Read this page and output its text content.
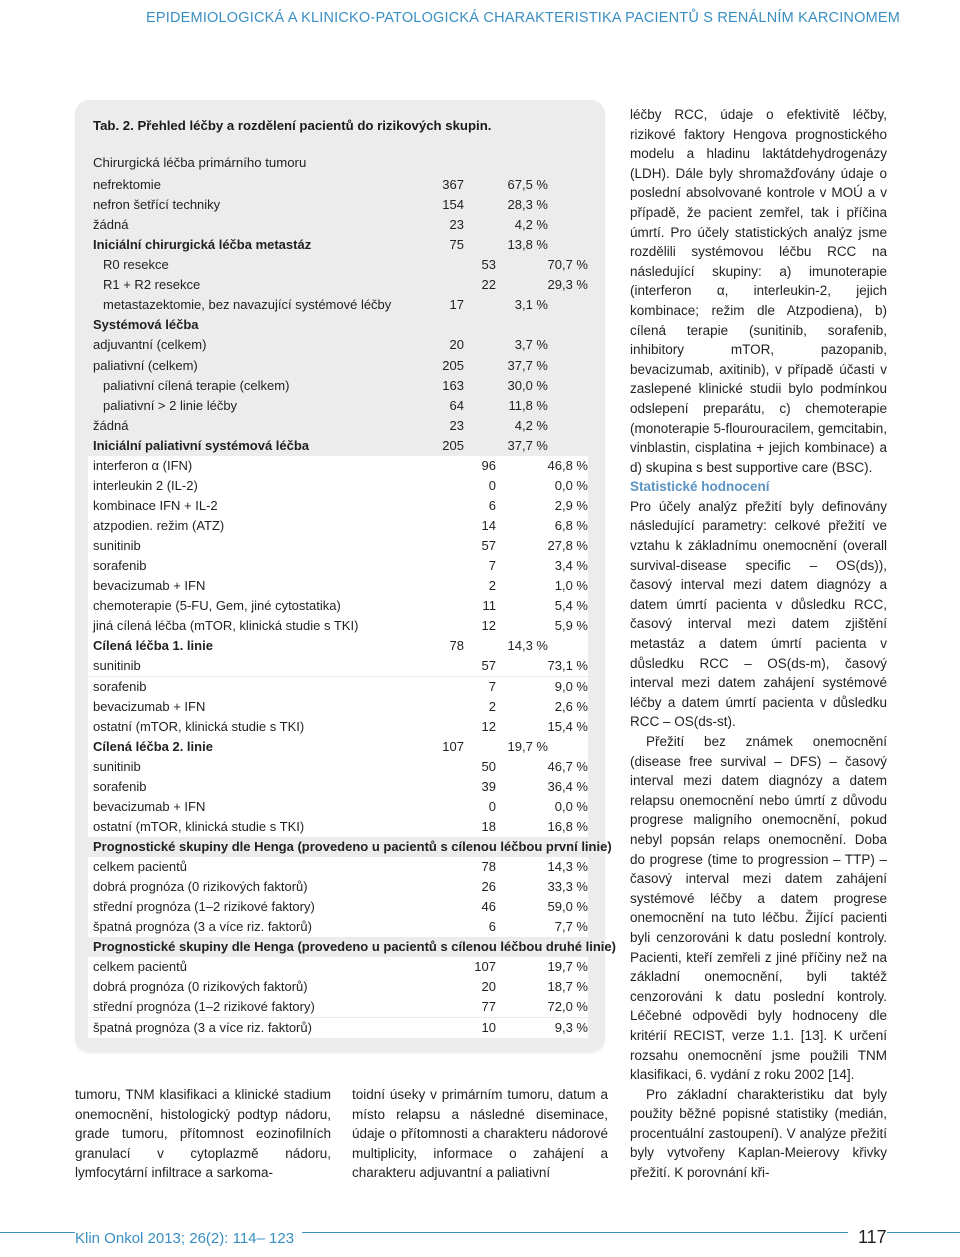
EPIDEMIOLOGICKÁ A KLINICKO-PATOLOGICKÁ CHARAKTERISTIKA PACIENTŮ S RENÁLNÍM KARCINOMEM
Tab. 2. Přehled léčby a rozdělení pacientů do rizikových skupin.
Chirurgická léčba primárního tumoru
nefrektomie	367	67,5 %
nefron šetřící techniky	154	28,3 %
žádná	23	4,2 %
Iniciální chirurgická léčba metastáz	75	13,8 %
R0 resekce	53	70,7 %
R1 + R2 resekce	22	29,3 %
metastazektomie, bez navazující systémové léčby	17	3,1 %
Systémová léčba
adjuvantní (celkem)	20	3,7 %
paliativní (celkem)	205	37,7 %
paliativní cílená terapie (celkem)	163	30,0 %
paliativní > 2 linie léčby	64	11,8 %
žádná	23	4,2 %
Iniciální paliativní systémová léčba	205	37,7 %
interferon α (IFN)	96	46,8 %
interleukin 2 (IL-2)	0	0,0 %
kombinace IFN + IL-2	6	2,9 %
atzpodien. režim (ATZ)	14	6,8 %
sunitinib	57	27,8 %
sorafenib	7	3,4 %
bevacizumab + IFN	2	1,0 %
chemoterapie (5-FU, Gem, jiné cytostatika)	11	5,4 %
jiná cílená léčba (mTOR, klinická studie s TKI)	12	5,9 %
Cílená léčba 1. linie	78	14,3 %
sunitinib	57	73,1 %
sorafenib	7	9,0 %
bevacizumab + IFN	2	2,6 %
ostatní (mTOR, klinická studie s TKI)	12	15,4 %
Cílená léčba 2. linie	107	19,7 %
sunitinib	50	46,7 %
sorafenib	39	36,4 %
bevacizumab + IFN	0	0,0 %
ostatní (mTOR, klinická studie s TKI)	18	16,8 %
Prognostické skupiny dle Henga (provedeno u pacientů s cílenou léčbou první linie)
celkem pacientů	78	14,3 %
dobrá prognóza (0 rizikových faktorů)	26	33,3 %
střední prognóza (1–2 rizikové faktory)	46	59,0 %
špatná prognóza (3 a více riz. faktorů)	6	7,7 %
Prognostické skupiny dle Henga (provedeno u pacientů s cílenou léčbou druhé linie)
celkem pacientů	107	19,7 %
dobrá prognóza (0 rizikových faktorů)	20	18,7 %
střední prognóza (1–2 rizikové faktory)	77	72,0 %
špatná prognóza (3 a více riz. faktorů)	10	9,3 %

tumoru, TNM klasifikaci a klinické stadium onemocnění, histologický podtyp nádoru, grade tumoru, přítomnost eozinofilních granulací v cytoplazmě nádoru, lymfocytární infiltrace a sarkoma-

toidní úseky v primárním tumoru, datum a místo relapsu a následné diseminace, údaje o přítomnosti a charakteru nádorové multiplicity, informace o zahájení a charakteru adjuvantní a paliativní

léčby RCC, údaje o efektivitě léčby, rizikové faktory Hengova prognostického modelu a hladinu laktátdehydrogenázy (LDH). Dále byly shromažďovány údaje o poslední absolvované kontrole v MOÚ a v případě, že pacient zemřel, tak i příčina úmrtí. Pro účely statistických analýz jsme rozdělili systémovou léčbu RCC na následující skupiny: a) imunoterapie (interferon α, interleukin-2, jejich kombinace; režim dle Atzpodiena), b) cílená terapie (sunitinib, sorafenib, inhibitory mTOR, pazopanib, bevacizumab, axitinib), v případě účasti v zaslepené klinické studii bylo podmínkou odslepení preparátu, c) chemoterapie (monoterapie 5-flourouracilem, gemcitabin, vinblastin, cisplatina + jejich kombinace) a d) skupina s best supportive care (BSC).

Statistické hodnocení

Pro účely analýz přežití byly definovány následující parametry: celkové přežití ve vztahu k základnímu onemocnění (overall survival-disease specific – OS(ds)), časový interval mezi datem diagnózy a datem úmrtí pacienta v důsledku RCC, časový interval mezi datem zjištění metastáz a datem úmrtí pacienta v důsledku RCC – OS(ds-m), časový interval mezi datem zahájení systémové léčby a datem úmrtí pacienta v důsledku RCC – OS(ds-st).

Přežití bez známek onemocnění (disease free survival – DFS) – časový interval mezi datem diagnózy a datem relapsu onemocnění nebo úmrtí z důvodu progrese maligního onemocnění, pokud nebyl popsán relaps onemocnění. Doba do progrese (time to progression – TTP) – časový interval mezi datem zahájení systémové léčby a datem progrese onemocnění na tuto léčbu. Žijící pacienti byli cenzorováni k datu poslední kontroly. Pacienti, kteří zemřeli z jiné příčiny než na základní onemocnění, byli taktéž cenzorováni k datu poslední kontroly. Léčebné odpovědi byly hodnoceny dle kritérií RECIST, verze 1.1. [13]. K určení rozsahu onemocnění jsme použili TNM klasifikaci, 6. vydání z roku 2002 [14].

Pro základní charakteristiku dat byly použity běžné popisné statistiky (medián, procentuální zastoupení). V analýze přežití byly vytvořeny Kaplan-Meierovy křivky přežití. K porovnání kři-

Klin Onkol 2013; 26(2): 114– 123	117
